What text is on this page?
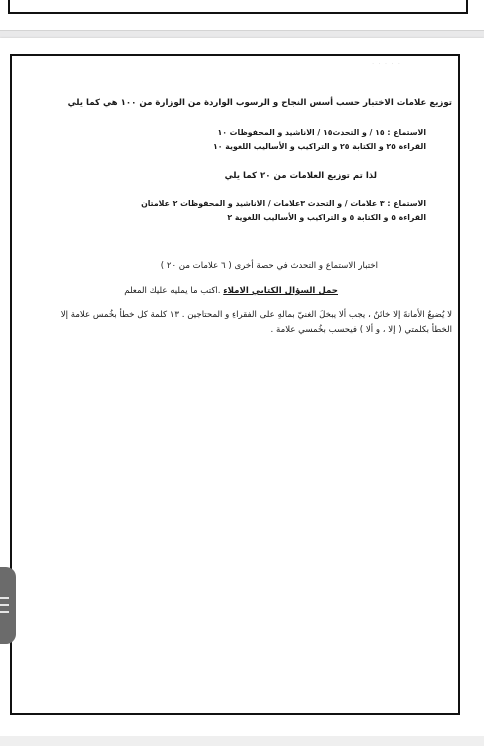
· · · · ·
توزيع علامات الاختبار حسب أسس النجاح و الرسوب الواردة من الوزارة من ١٠٠ هي كما يلي
الاستماع : ١٥ / و التحدث١٥ / الاناشيد و المحفوظات ١٠
القراءة ٢٥ و الكتابة ٢٥ و التراكيب و الأساليب اللغوية ١٠
لذا تم توزيع العلامات من ٢٠ كما يلي
الاستماع : ٣ علامات / و التحدث ٣علامات / الاناشيد و المحفوظات ٢ علامتان
القراءة ٥ و الكتابة ٥ و التراكيب و الأساليب اللغوية ٢
اختبار الاستماع و التحدث في حصة أخرى ( ٦ علامات من ٢٠ )
جمل السؤال الكتابي الاملاء .اكتب ما يمليه عليك المعلم
لا يُضيعُ الأمانةَ إلا خائنٌ ، يجب ألا يبخلَ الغنيّ بمالهِ على الفقراءِ و المحتاجين . ١٣ كلمة كل خطأ بخُمس علامة إلا
الخطأ بكلمتي ( إلا ، و ألا ) فيحسب بخُمسي علامة .
